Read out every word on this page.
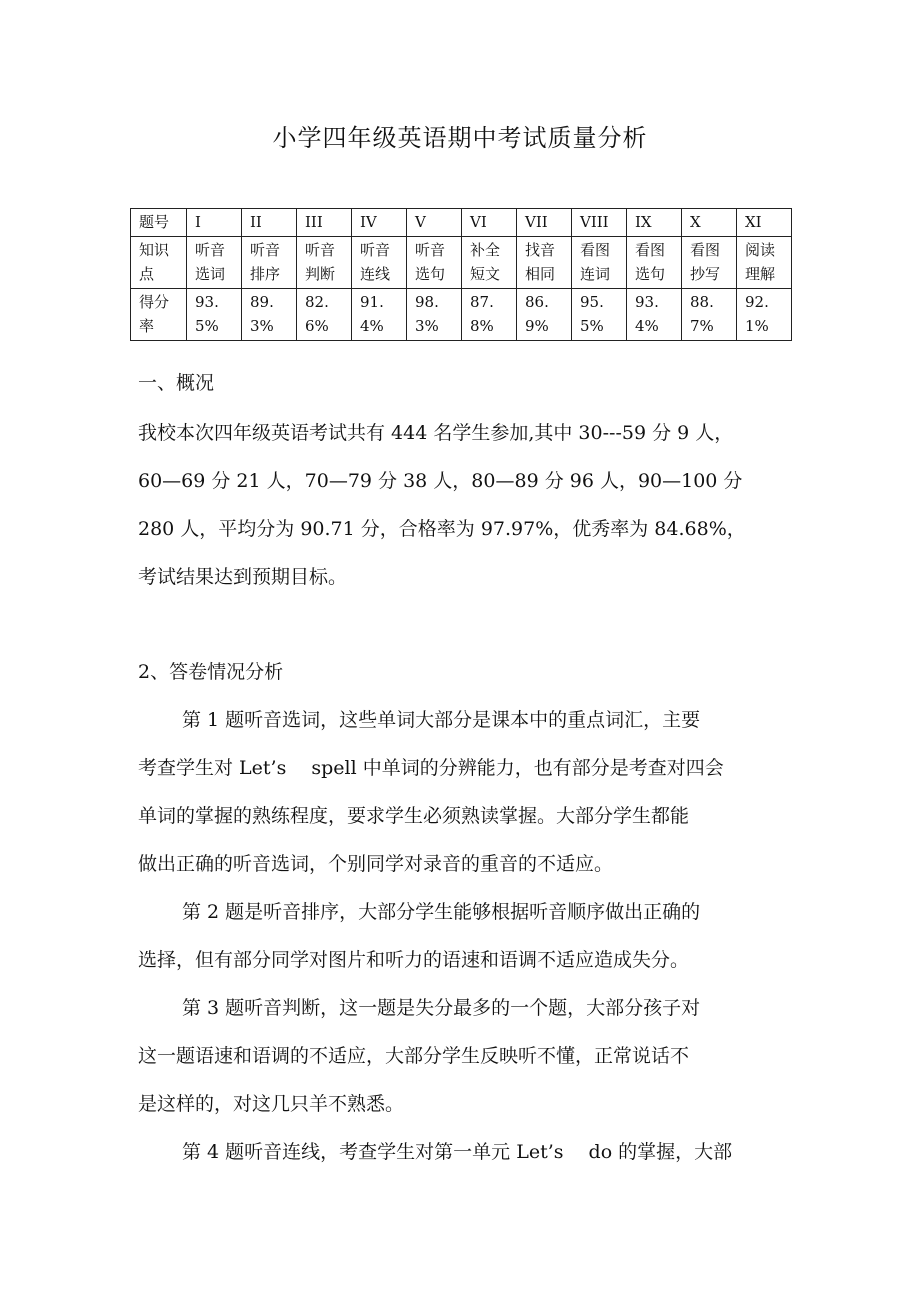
小学四年级英语期中考试质量分析
题号	I	II	III	IV	V	VI	VII	VIII	IX	X	XI
知识点	听音选词	听音排序	听音判断	听音连线	听音选句	补全短文	找音相同	看图连词	看图选句	看图抄写	阅读理解
得分率	93.5%	89.3%	82.6%	91.4%	98.3%	87.8%	86.9%	95.5%	93.4%	88.7%	92.1%
一、概况
我校本次四年级英语考试共有 444 名学生参加,其中 30---59 分 9 人，
60—69 分 21 人，70—79 分 38 人，80—89 分 96 人，90—100 分
280 人，平均分为 90.71 分，合格率为 97.97%，优秀率为 84.68%，
考试结果达到预期目标。
2、答卷情况分析
第 1 题听音选词，这些单词大部分是课本中的重点词汇，主要
考查学生对 Let’s　 spell 中单词的分辨能力，也有部分是考查对四会
单词的掌握的熟练程度，要求学生必须熟读掌握。大部分学生都能
做出正确的听音选词，个别同学对录音的重音的不适应。
第 2 题是听音排序，大部分学生能够根据听音顺序做出正确的
选择，但有部分同学对图片和听力的语速和语调不适应造成失分。
第 3 题听音判断，这一题是失分最多的一个题，大部分孩子对
这一题语速和语调的不适应，大部分学生反映听不懂，正常说话不
是这样的，对这几只羊不熟悉。
第 4 题听音连线，考查学生对第一单元 Let’s　 do 的掌握，大部
